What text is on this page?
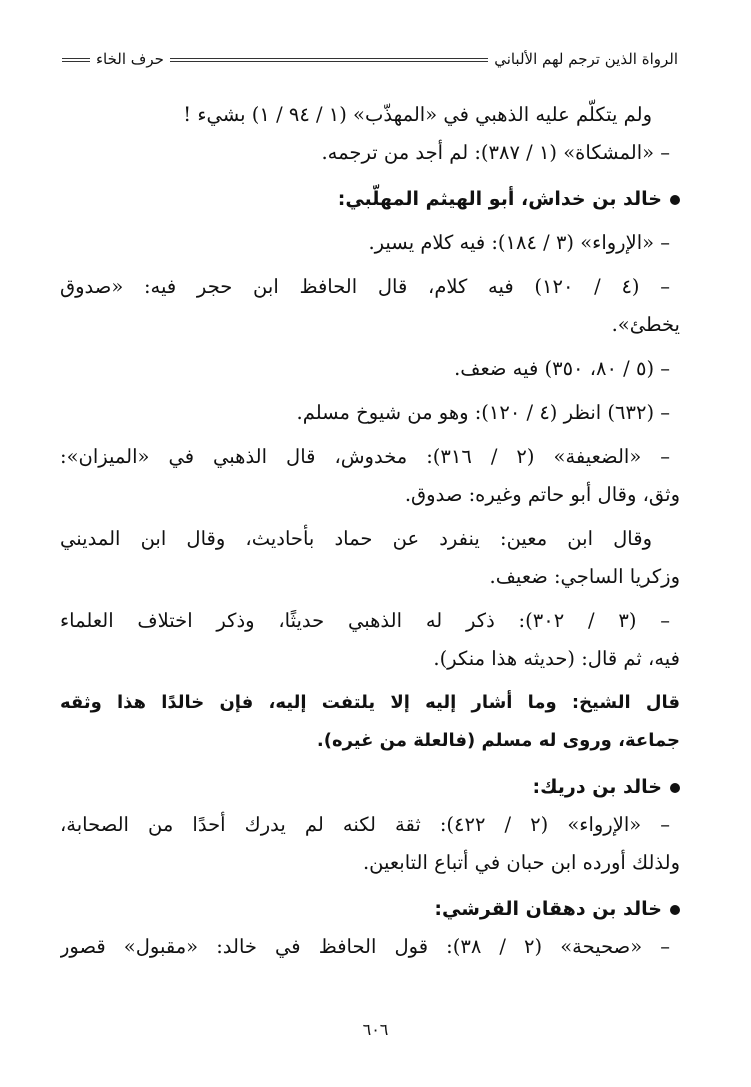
الرواة الذين ترجم لهم الألباني
حرف الخاء

ولم يتكلّم عليه الذهبي في «المهذّب» (١ / ٩٤ / ١) بشيء !

– «المشكاة» (١ / ٣٨٧): لم أجد من ترجمه.

خالد بن خداش، أبو الهيثم المهلّبي:

– «الإرواء» (٣ / ١٨٤): فيه كلام يسير.

– (٤ / ١٢٠) فيه كلام، قال الحافظ ابن حجر فيه: «صدوق

يخطئ».

– (٥ / ٨٠، ٣٥٠) فيه ضعف.

– (٦٣٢) انظر (٤ / ١٢٠): وهو من شيوخ مسلم.

– «الضعيفة» (٢ / ٣١٦): مخدوش، قال الذهبي في «الميزان»:

وثق، وقال أبو حاتم وغيره: صدوق.

وقال ابن معين: ينفرد عن حماد بأحاديث، وقال ابن المديني

وزكريا الساجي: ضعيف.

– (٣ / ٣٠٢): ذكر له الذهبي حديثًا، وذكر اختلاف العلماء

فيه، ثم قال: (حديثه هذا منكر).

قال الشيخ: وما أشار إليه إلا يلتفت إليه، فإن خالدًا هذا وثقه

جماعة، وروى له مسلم (فالعلة من غيره).

خالد بن دريك:

– «الإرواء» (٢ / ٤٢٢): ثقة لكنه لم يدرك أحدًا من الصحابة،

ولذلك أورده ابن حبان في أتباع التابعين.

خالد بن دهقان القرشي:

– «صحيحة» (٢ / ٣٨): قول الحافظ في خالد: «مقبول» قصور

٦٠٦
